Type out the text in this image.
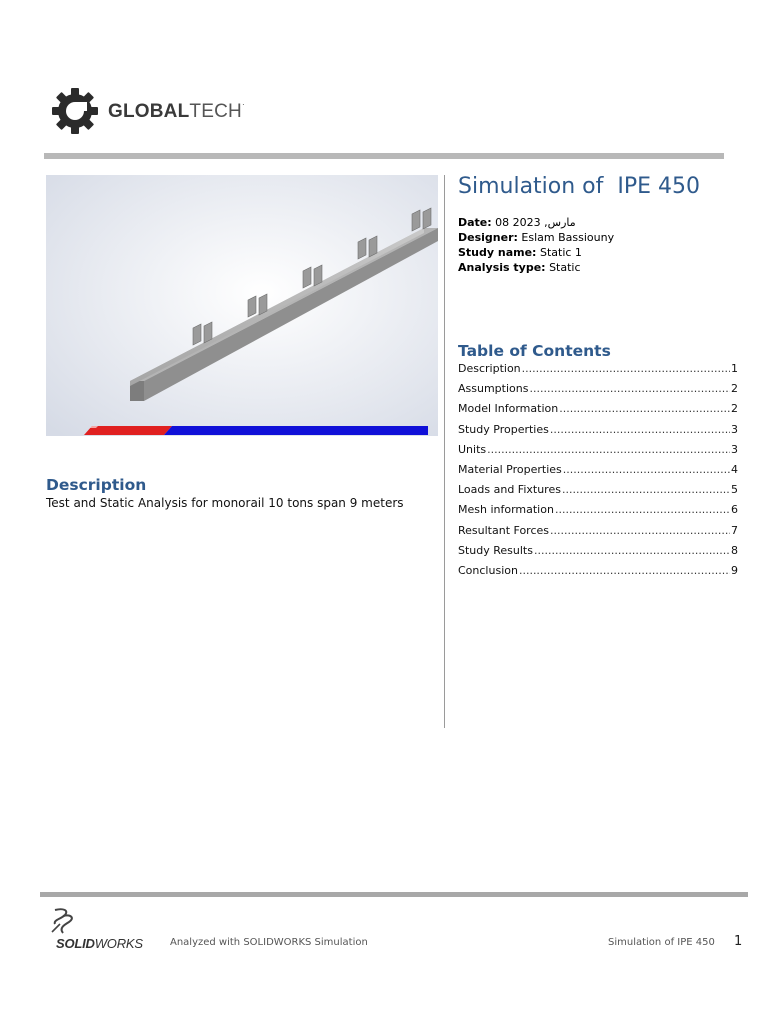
GLOBALTECH·
Description
Test and Static Analysis for monorail 10 tons span 9 meters
Simulation of  IPE 450
Date: 08 2023 ,مارس
Designer: Eslam Bassiouny
Study name: Static 1
Analysis type: Static
Table of Contents
Description .....	1
Assumptions .....	2
Model Information .....	2
Study Properties .....	3
Units .....	3
Material Properties .....	4
Loads and Fixtures .....	5
Mesh information .....	6
Resultant Forces .....	7
Study Results .....	8
Conclusion .....	9
SOLIDWORKS	Analyzed with SOLIDWORKS Simulation	Simulation of IPE 450 1
